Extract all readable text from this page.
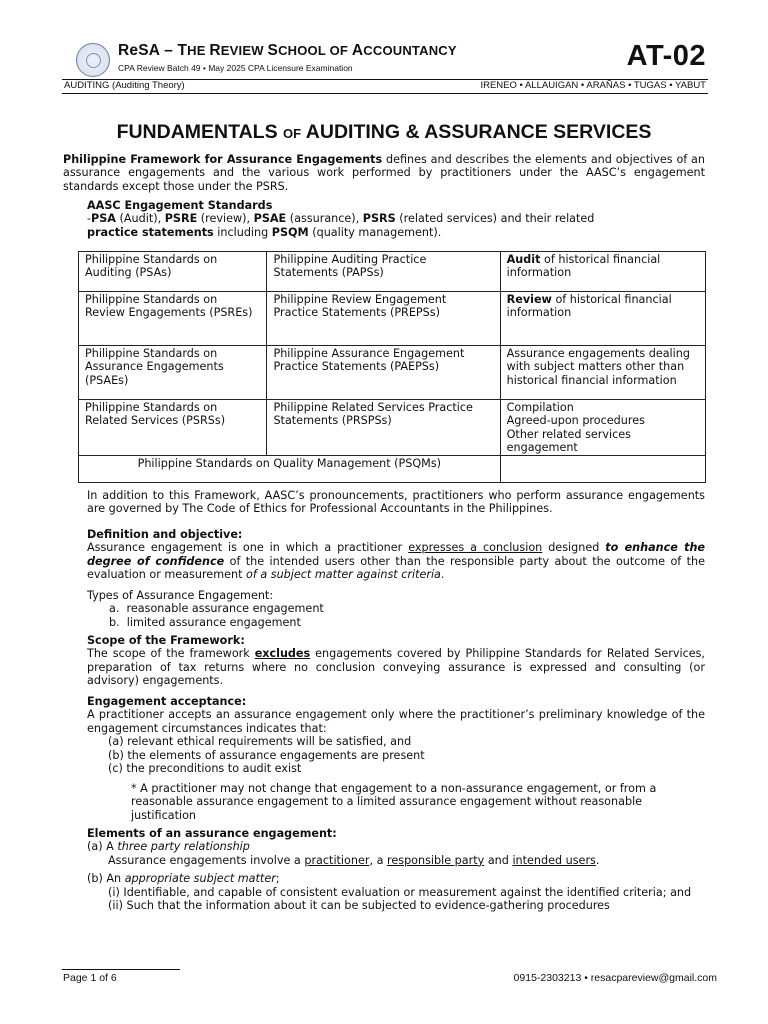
ReSA – THE REVIEW SCHOOL OF ACCOUNTANCY
CPA Review Batch 49 • May 2025 CPA Licensure Examination	AT-02
AUDITING (Auditing Theory)	IRENEO • ALLAUIGAN • ARAÑAS • TUGAS • YABUT
FUNDAMENTALS OF AUDITING & ASSURANCE SERVICES
Philippine Framework for Assurance Engagements defines and describes the elements and objectives of an assurance engagements and the various work performed by practitioners under the AASC’s engagement standards except those under the PSRS.
AASC Engagement Standards
-PSA (Audit), PSRE (review), PSAE (assurance), PSRS (related services) and their related
practice statements including PSQM (quality management).
Philippine Standards on Auditing (PSAs)	Philippine Auditing Practice Statements (PAPSs)	Audit of historical financial information
Philippine Standards on Review Engagements (PSREs)	Philippine Review Engagement Practice Statements (PREPSs)	Review of historical financial information
Philippine Standards on Assurance Engagements (PSAEs)	Philippine Assurance Engagement Practice Statements (PAEPSs)	Assurance engagements dealing with subject matters other than historical financial information
Philippine Standards on Related Services (PSRSs)	Philippine Related Services Practice Statements (PRSPSs)	Compilation
Agreed-upon procedures
Other related services engagement
Philippine Standards on Quality Management (PSQMs)		
In addition to this Framework, AASC’s pronouncements, practitioners who perform assurance engagements are governed by The Code of Ethics for Professional Accountants in the Philippines.
Definition and objective:
Assurance engagement is one in which a practitioner expresses a conclusion designed to enhance the degree of confidence of the intended users other than the responsible party about the outcome of the evaluation or measurement of a subject matter against criteria.
Types of Assurance Engagement:
a.  reasonable assurance engagement
b.  limited assurance engagement
Scope of the Framework:
The scope of the framework excludes engagements covered by Philippine Standards for Related Services, preparation of tax returns where no conclusion conveying assurance is expressed and consulting (or advisory) engagements.
Engagement acceptance:
A practitioner accepts an assurance engagement only where the practitioner’s preliminary knowledge of the engagement circumstances indicates that:
(a) relevant ethical requirements will be satisfied, and
(b) the elements of assurance engagements are present
(c) the preconditions to audit exist
* A practitioner may not change that engagement to a non-assurance engagement, or from a reasonable assurance engagement to a limited assurance engagement without reasonable justification
Elements of an assurance engagement:
(a) A three party relationship
Assurance engagements involve a practitioner, a responsible party and intended users.
(b) An appropriate subject matter;
(i) Identifiable, and capable of consistent evaluation or measurement against the identified criteria; and
(ii) Such that the information about it can be subjected to evidence-gathering procedures
Page 1 of 6	0915-2303213 • resacpareview@gmail.com
